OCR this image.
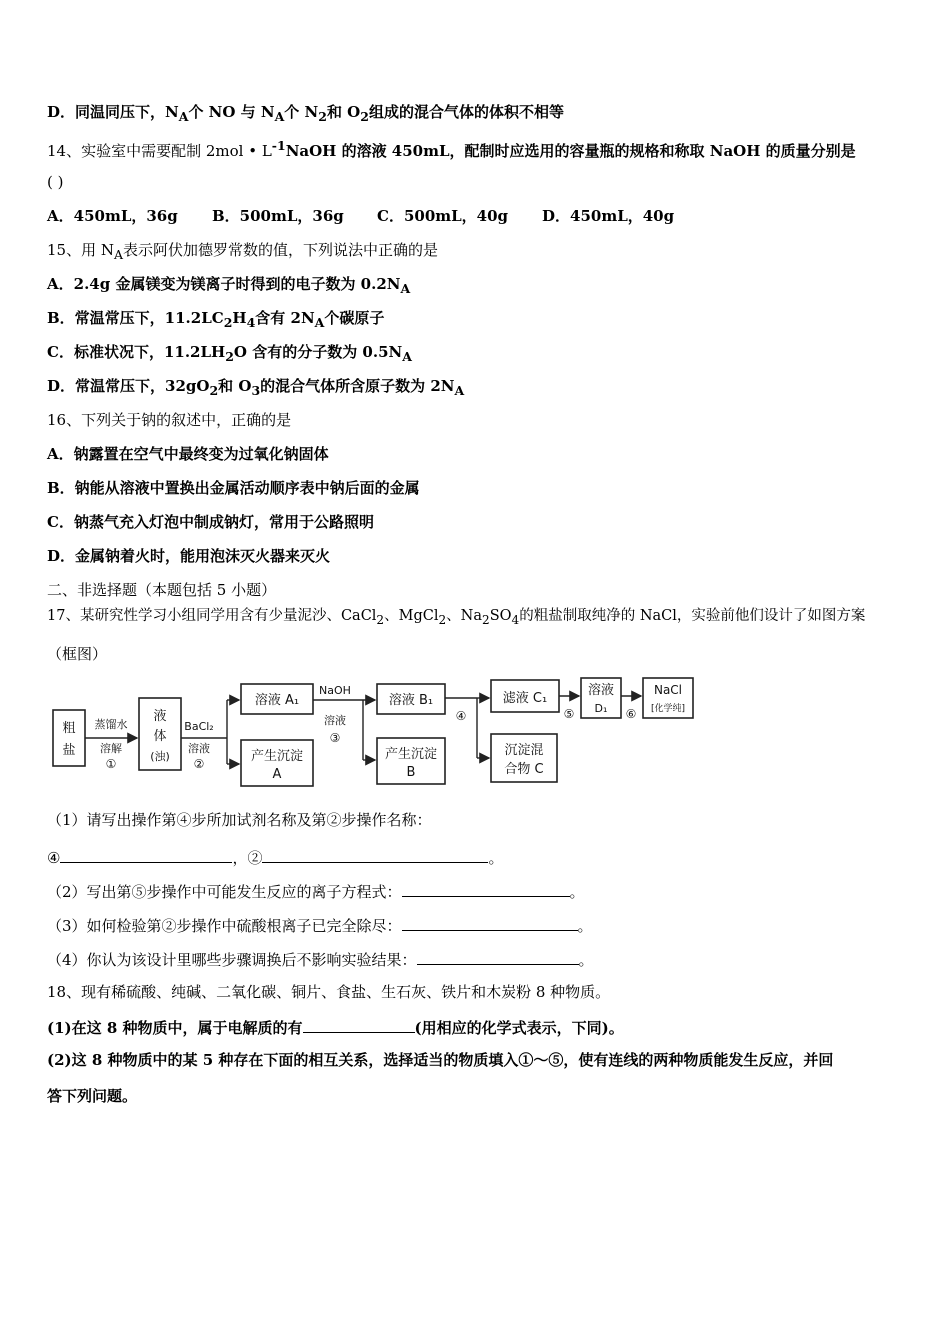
D．同温同压下，$N_A$个 NO 与 $N_A$个 $N_2$和 $O_2$组成的混合气体的体积不相等
14、实验室中需要配制 2mol • $L^{-1}NaOH$ 的溶液 450mL，配制时应选用的容量瓶的规格和称取 NaOH 的质量分别是
( )
A．450mL，36g B．500mL，36g C．500mL，40g D．450mL，40g
15、用 $N_A$表示阿伏加德罗常数的值，下列说法中正确的是
A．2.4g 金属镁变为镁离子时得到的电子数为 $0.2N_A$
B．常温常压下，$11.2LC_2H_4$含有 $2N_A$个碳原子
C．标准状况下，$11.2LH_2O$ 含有的分子数为 $0.5N_A$
D．常温常压下，$32gO_2$和 $O_3$的混合气体所含原子数为 $2N_A$
16、下列关于钠的叙述中，正确的是
A．钠露置在空气中最终变为过氧化钠固体
B．钠能从溶液中置换出金属活动顺序表中钠后面的金属
C．钠蒸气充入灯泡中制成钠灯，常用于公路照明
D．金属钠着火时，能用泡沫灭火器来灭火
二、非选择题（本题包括 5 小题）
17、某研究性学习小组同学用含有少量泥沙、CaCl$_2$、MgCl$_2$、$Na_2SO_4$的粗盐制取纯净的 NaCl，实验前他们设计了如图方案
（框图）
粗
盐
蒸馏水
溶解
①
液
体
(浊)
BaCl₂
溶液
②
溶液 A₁
产生沉淀
A
NaOH
溶液
③
溶液 B₁
产生沉淀
B
④
滤液 C₁
沉淀混
合物 C
⑤
溶液
D₁ ⑥
NaCl
[化学纯]
（1）请写出操作第④步所加试剂名称及第②步操作名称：
④	，②	。
（2）写出第⑤步操作中可能发生反应的离子方程式：	。
（3）如何检验第②步操作中硫酸根离子已完全除尽：	。
（4）你认为该设计里哪些步骤调换后不影响实验结果：	。
18、现有稀硫酸、纯碱、二氧化碳、铜片、食盐、生石灰、铁片和木炭粉 8 种物质。
(1)在这 8 种物质中，属于电解质的有	(用相应的化学式表示，下同)。
(2)这 8 种物质中的某 5 种存在下面的相互关系，选择适当的物质填入①～⑤，使有连线的两种物质能发生反应，并回
答下列问题。
